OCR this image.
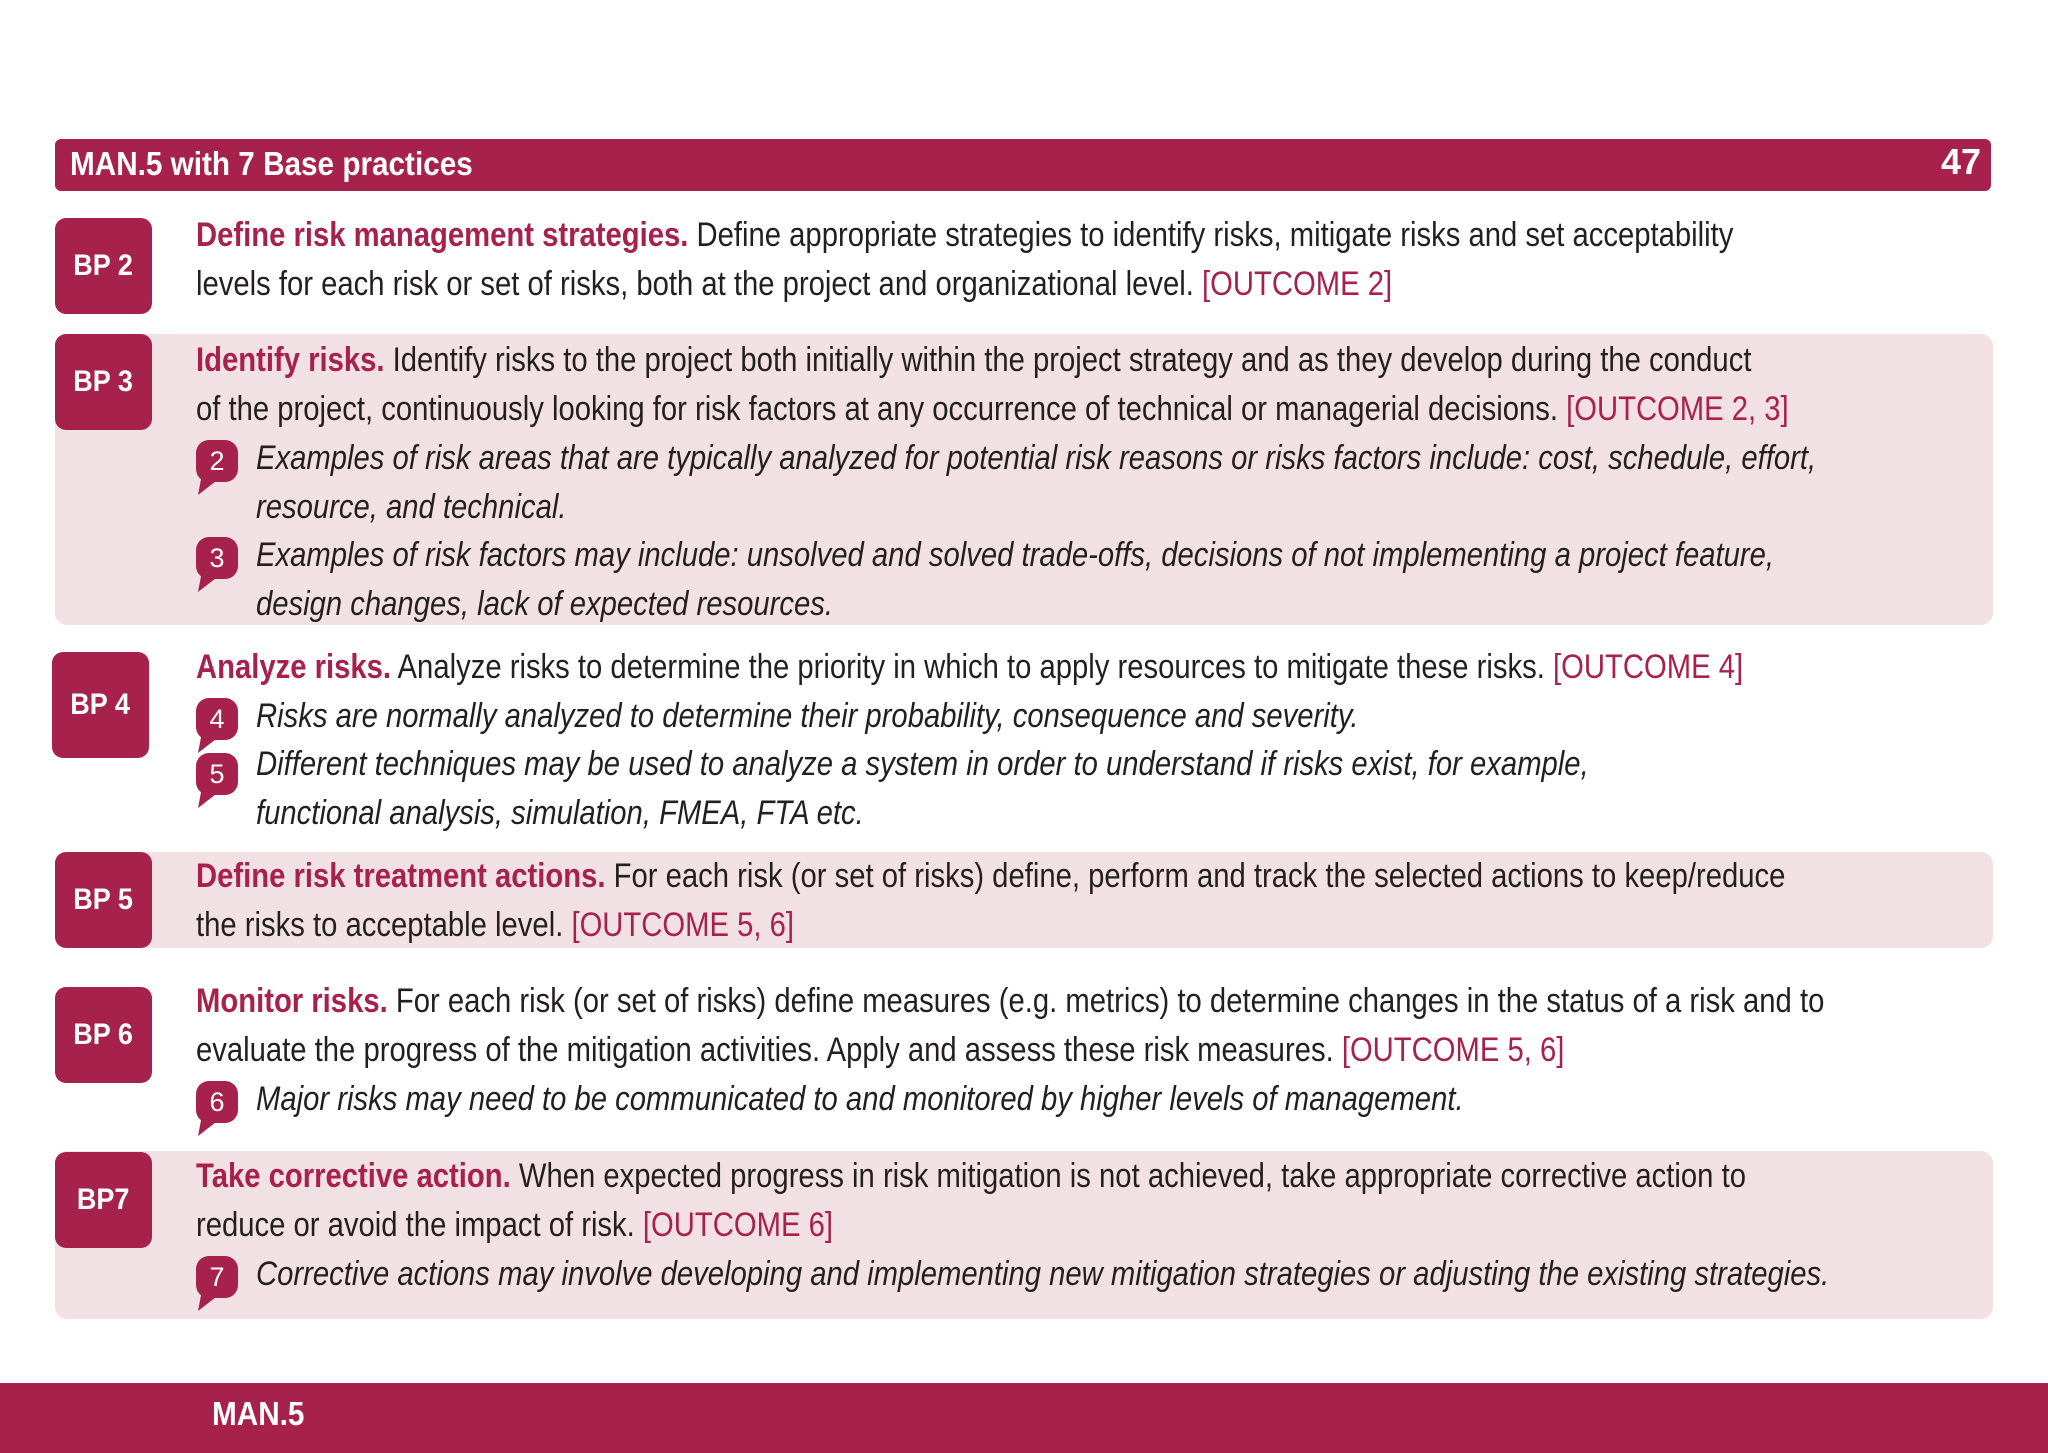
MAN.5 with 7 Base practices	47
BP 2
Define risk management strategies. Define appropriate strategies to identify risks, mitigate risks and set acceptability
levels for each risk or set of risks, both at the project and organizational level. [OUTCOME 2]
BP 3
Identify risks. Identify risks to the project both initially within the project strategy and as they develop during the conduct
of the project, continuously looking for risk factors at any occurrence of technical or managerial decisions. [OUTCOME 2, 3]
2 Examples of risk areas that are typically analyzed for potential risk reasons or risks factors include: cost, schedule, effort,
resource, and technical.
3 Examples of risk factors may include: unsolved and solved trade-offs, decisions of not implementing a project feature,
design changes, lack of expected resources.
BP 4
Analyze risks. Analyze risks to determine the priority in which to apply resources to mitigate these risks. [OUTCOME 4]
4 Risks are normally analyzed to determine their probability, consequence and severity.
5 Different techniques may be used to analyze a system in order to understand if risks exist, for example,
functional analysis, simulation, FMEA, FTA etc.
BP 5
Define risk treatment actions. For each risk (or set of risks) define, perform and track the selected actions to keep/reduce
the risks to acceptable level. [OUTCOME 5, 6]
BP 6
Monitor risks. For each risk (or set of risks) define measures (e.g. metrics) to determine changes in the status of a risk and to
evaluate the progress of the mitigation activities. Apply and assess these risk measures. [OUTCOME 5, 6]
6 Major risks may need to be communicated to and monitored by higher levels of management.
BP7
Take corrective action. When expected progress in risk mitigation is not achieved, take appropriate corrective action to
reduce or avoid the impact of risk. [OUTCOME 6]
7 Corrective actions may involve developing and implementing new mitigation strategies or adjusting the existing strategies.
MAN.5
